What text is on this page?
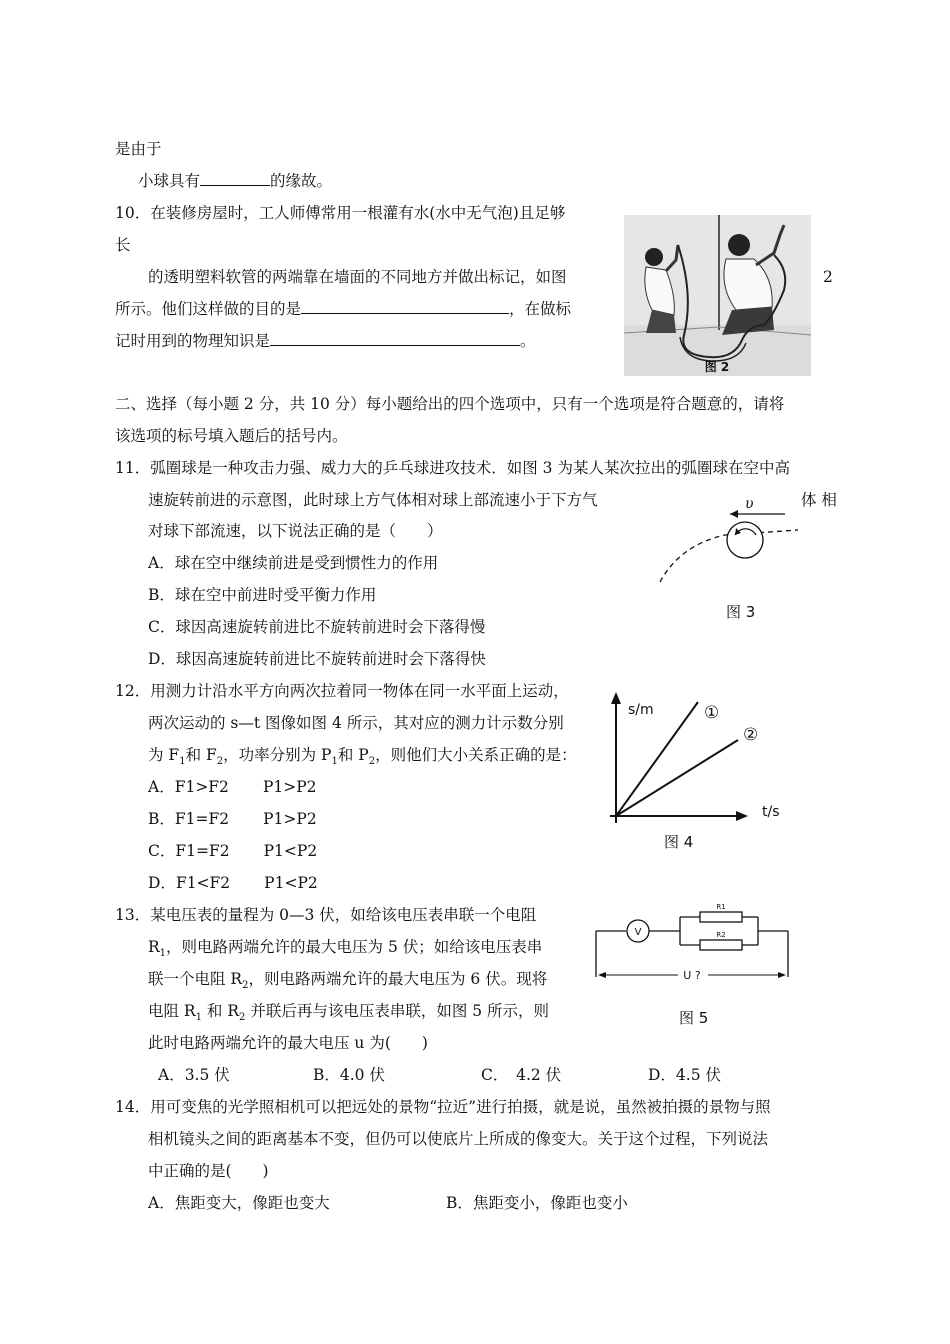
是由于
小球具有	的缘故。
10．在装修房屋时，工人师傅常用一根灌有水(水中无气泡)且足够
长
的透明塑料软管的两端靠在墙面的不同地方并做出标记，如图	2
所示。他们这样做的目的是	，在做标
记时用到的物理知识是	。
图 2
二、选择（每小题 2 分，共 10 分）每小题给出的四个选项中，只有一个选项是符合题意的，请将
该选项的标号填入题后的括号内。
11．弧圈球是一种攻击力强、威力大的乒乓球进攻技术．如图 3 为某人某次拉出的弧圈球在空中高
速旋转前进的示意图，此时球上方气体相对球上部流速小于下方气	体 相
对球下部流速，以下说法正确的是（　　）
A．球在空中继续前进是受到惯性力的作用
B．球在空中前进时受平衡力作用
C．球因高速旋转前进比不旋转前进时会下落得慢
D．球因高速旋转前进比不旋转前进时会下落得快
υ
图 3
12．用测力计沿水平方向两次拉着同一物体在同一水平面上运动，
两次运动的 s—t 图像如图 4 所示，其对应的测力计示数分别
为 $F_1$和 $F_2$，功率分别为 $P_1$和 $P_2$，则他们大小关系正确的是：
A．F1>F2 P1>P2
B．F1=F2 P1>P2
C．F1=F2 P1<P2
D．F1<F2 P1<P2
s/m
t/s
①
②
图 4
13．某电压表的量程为 0—3 伏，如给该电压表串联一个电阻
$R_1$，则电路两端允许的最大电压为 5 伏；如给该电压表串
联一个电阻 $R_2$，则电路两端允许的最大电压为 6 伏。现将
电阻 $R_1$ 和 $R_2$ 并联后再与该电压表串联，如图 5 所示，则
此时电路两端允许的最大电压 u 为(　　)
A．3.5 伏	B．4.0 伏	C．　4.2 伏	D．4.5 伏
V
R1
R2
U ?
图 5
14．用可变焦的光学照相机可以把远处的景物“拉近”进行拍摄，就是说，虽然被拍摄的景物与照
相机镜头之间的距离基本不变，但仍可以使底片上所成的像变大。关于这个过程，下列说法
中正确的是(　　)
A．焦距变大，像距也变大	B．焦距变小，像距也变小
